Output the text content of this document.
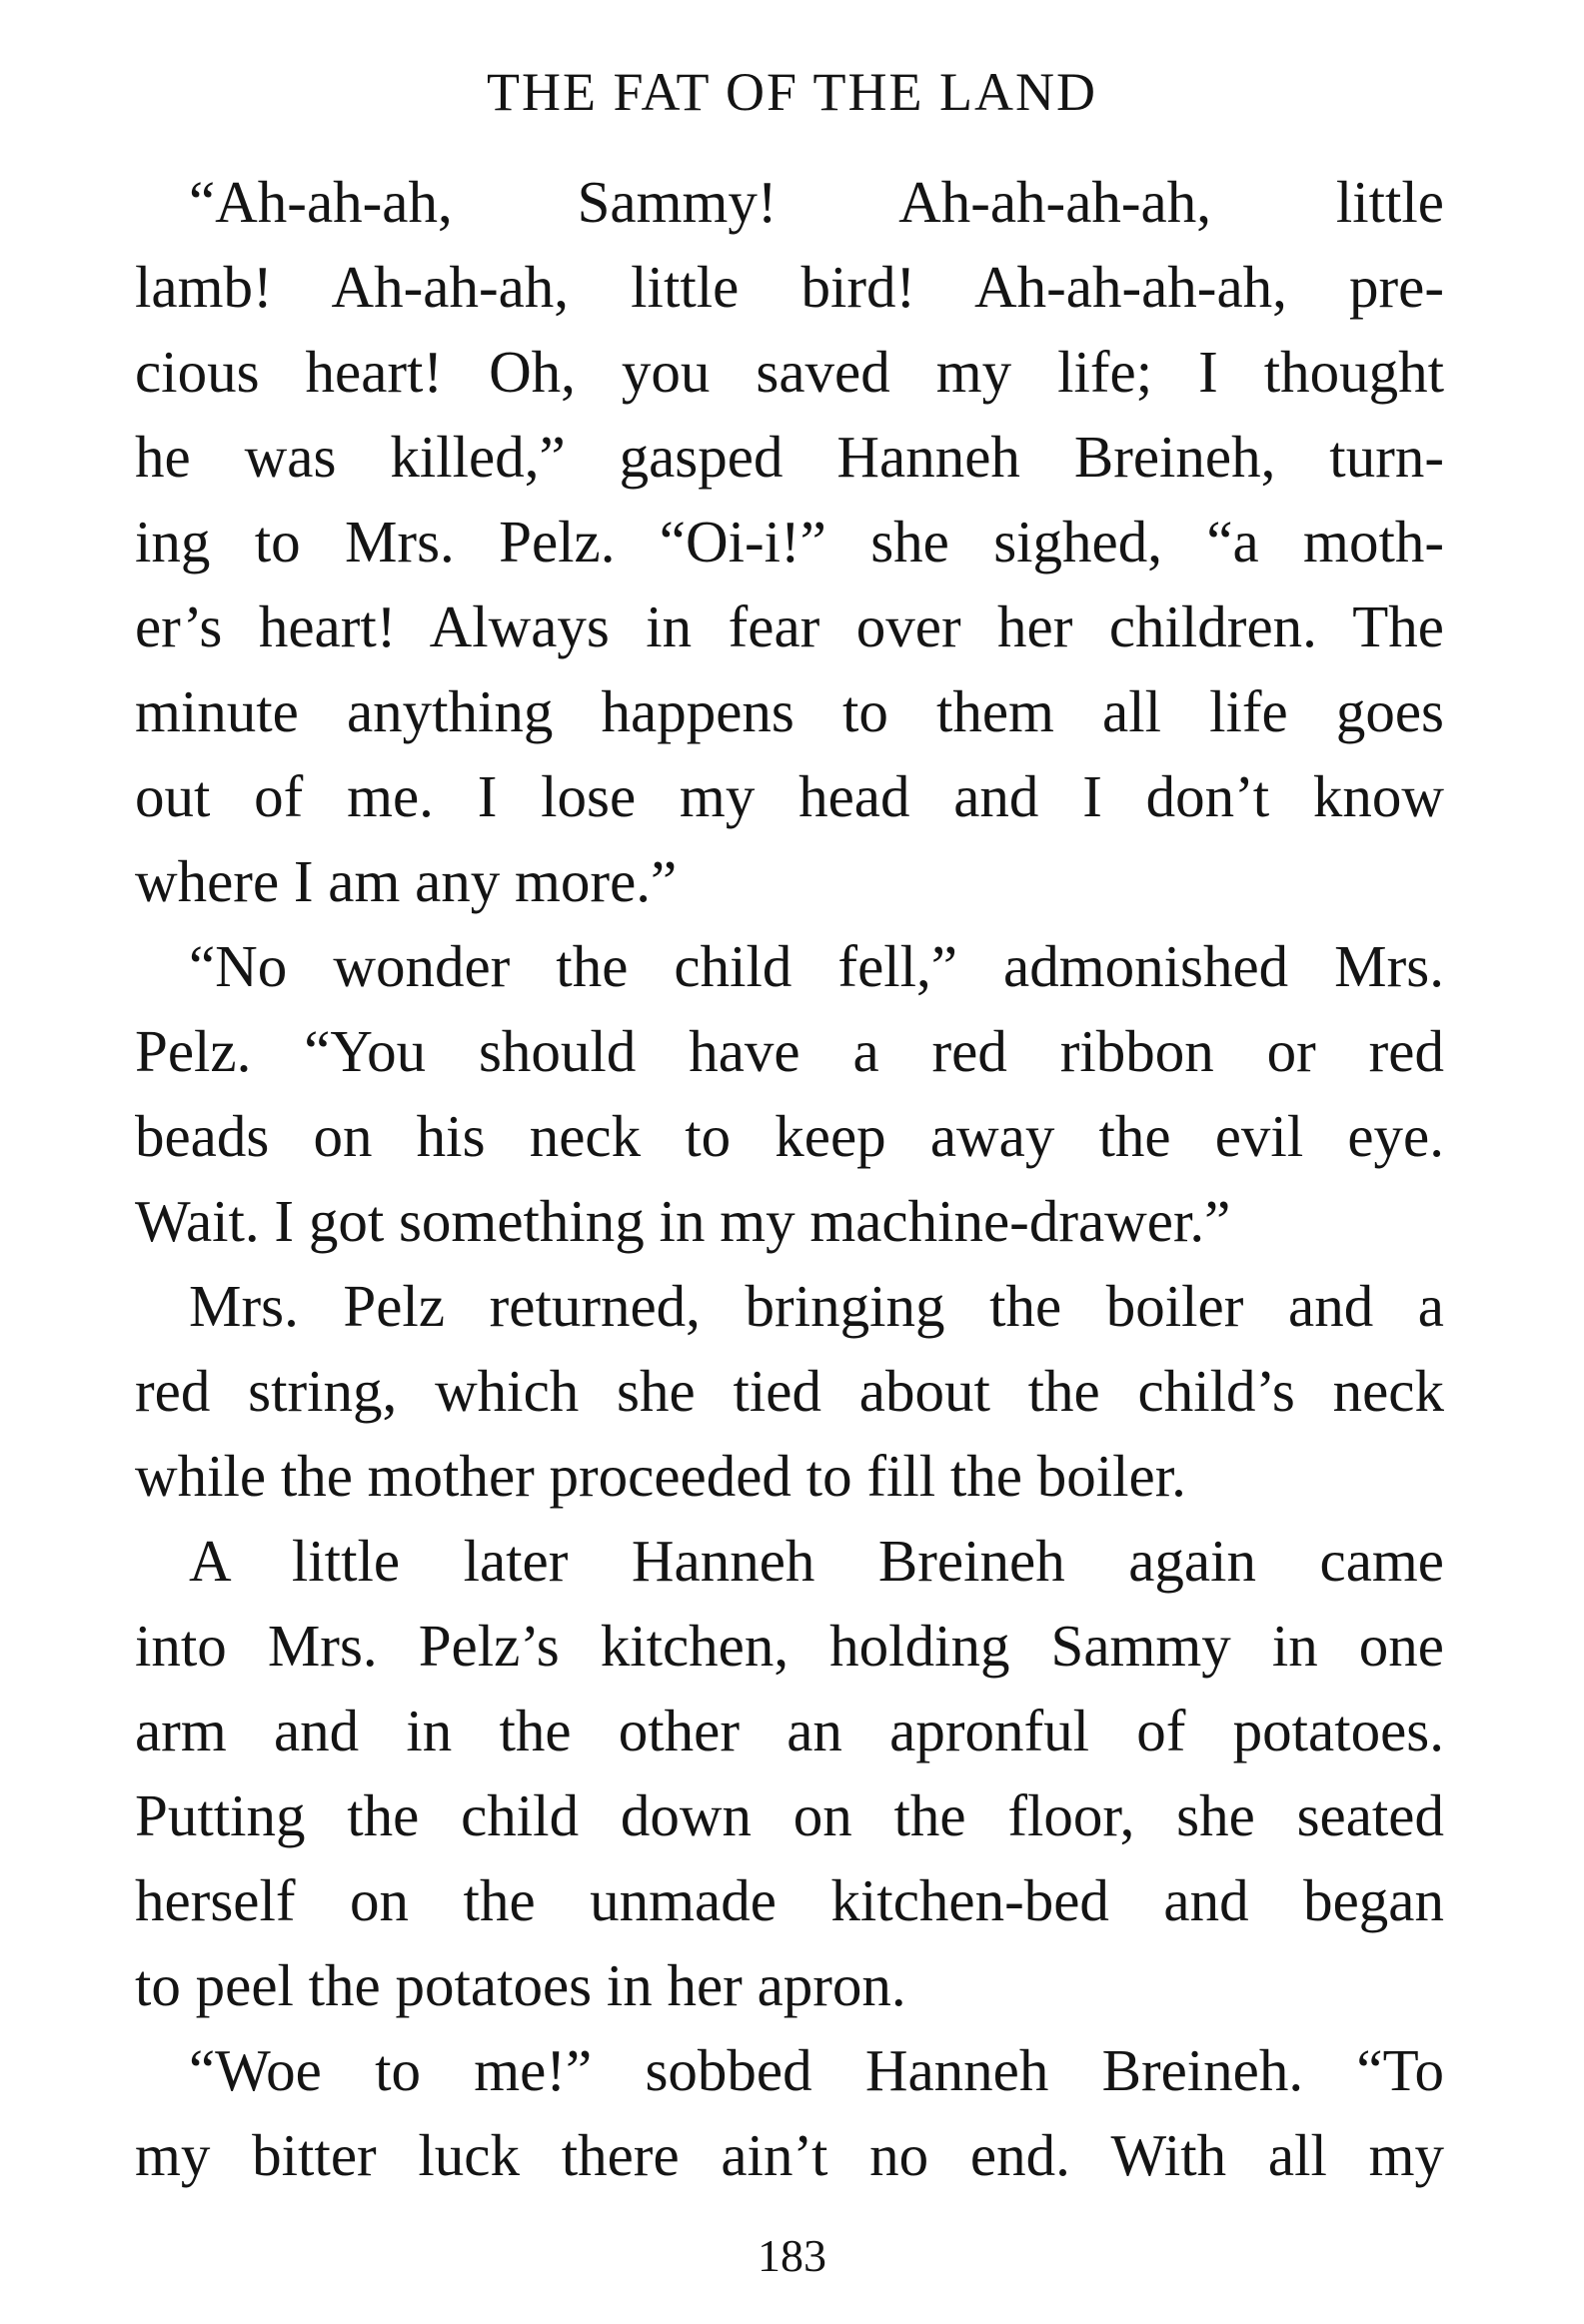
THE FAT OF THE LAND
“Ah-ah-ah, Sammy! Ah-ah-ah-ah, little
lamb! Ah-ah-ah, little bird! Ah-ah-ah-ah, pre-
cious heart! Oh, you saved my life; I thought
he was killed,” gasped Hanneh Breineh, turn-
ing to Mrs. Pelz. “Oi-i!” she sighed, “a moth-
er’s heart! Always in fear over her children. The
minute anything happens to them all life goes
out of me. I lose my head and I don’t know
where I am any more.”
“No wonder the child fell,” admonished Mrs.
Pelz. “You should have a red ribbon or red
beads on his neck to keep away the evil eye.
Wait. I got something in my machine-drawer.”
Mrs. Pelz returned, bringing the boiler and a
red string, which she tied about the child’s neck
while the mother proceeded to fill the boiler.
A little later Hanneh Breineh again came
into Mrs. Pelz’s kitchen, holding Sammy in one
arm and in the other an apronful of potatoes.
Putting the child down on the floor, she seated
herself on the unmade kitchen-bed and began
to peel the potatoes in her apron.
“Woe to me!” sobbed Hanneh Breineh. “To
my bitter luck there ain’t no end. With all my
183
